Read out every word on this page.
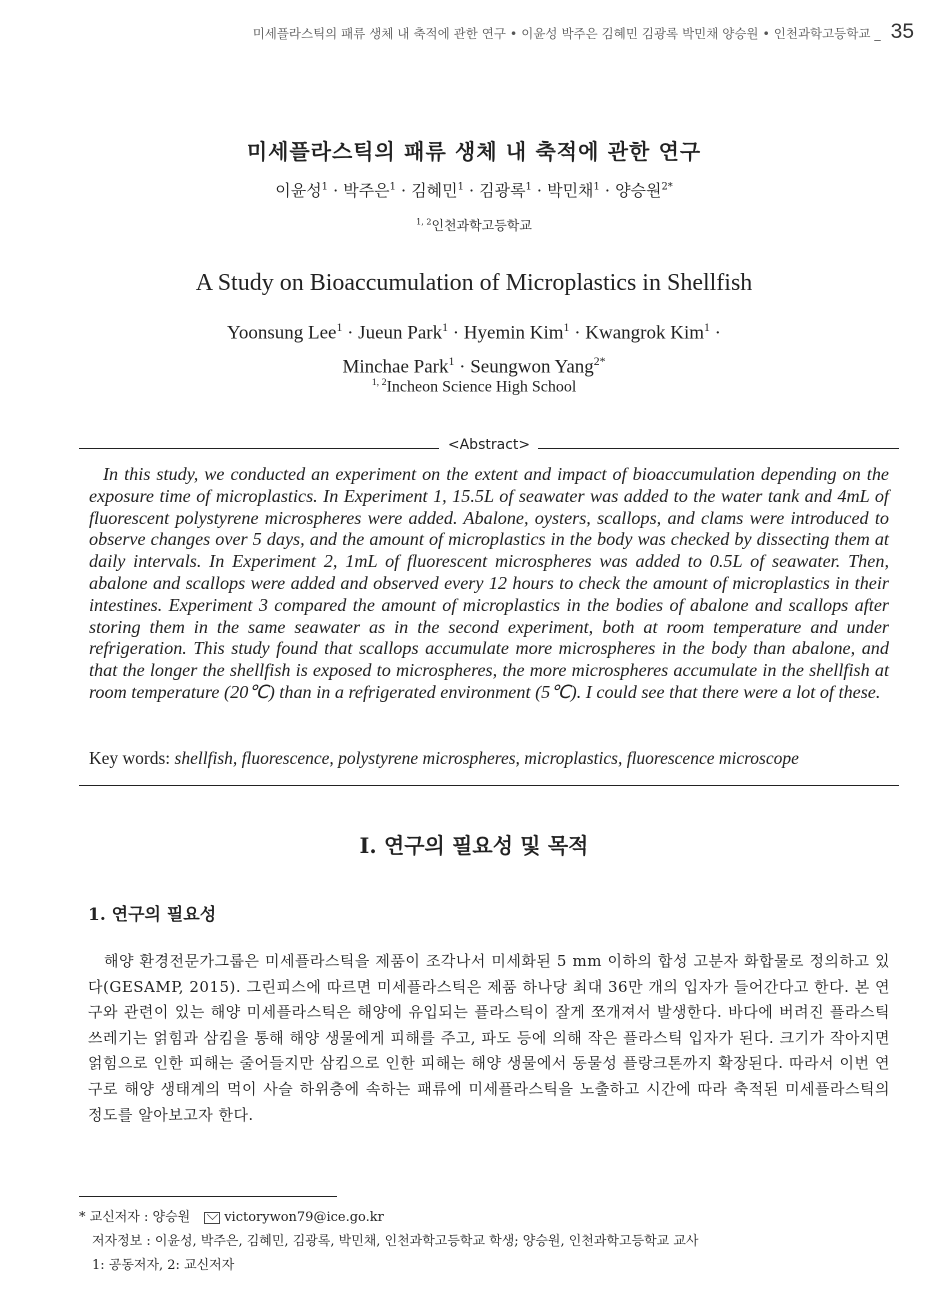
미세플라스틱의 패류 생체 내 축적에 관한 연구 • 이윤성 박주은 김혜민 김광록 박민채 양승원 • 인천과학고등학교 _ 35
미세플라스틱의 패류 생체 내 축적에 관한 연구
이윤성$^1$ · 박주은$^1$ · 김혜민$^1$ · 김광록$^1$ · 박민채$^1$ · 양승원$^{2*}$
$^{1, 2}$인천과학고등학교
A Study on Bioaccumulation of Microplastics in Shellfish
Yoonsung Lee$^1$ · Jueun Park$^1$ · Hyemin Kim$^1$ · Kwangrok Kim$^1$ ·
Minchae Park$^1$ · Seungwon Yang$^{2*}$
$^{1, 2}$Incheon Science High School
<Abstract>
In this study, we conducted an experiment on the extent and impact of bioaccumulation depending on the exposure time of microplastics. In Experiment 1, 15.5L of seawater was added to the water tank and 4mL of fluorescent polystyrene microspheres were added. Abalone, oysters, scallops, and clams were introduced to observe changes over 5 days, and the amount of microplastics in the body was checked by dissecting them at daily intervals. In Experiment 2, 1mL of fluorescent microspheres was added to 0.5L of seawater. Then, abalone and scallops were added and observed every 12 hours to check the amount of microplastics in their intestines. Experiment 3 compared the amount of microplastics in the bodies of abalone and scallops after storing them in the same seawater as in the second experiment, both at room temperature and under refrigeration. This study found that scallops accumulate more microspheres in the body than abalone, and that the longer the shellfish is exposed to microspheres, the more microspheres accumulate in the shellfish at room temperature (20℃) than in a refrigerated environment (5℃). I could see that there were a lot of these.
Key words: shellfish, fluorescence, polystyrene microspheres, microplastics, fluorescence microscope
I. 연구의 필요성 및 목적
1. 연구의 필요성
해양 환경전문가그룹은 미세플라스틱을 제품이 조각나서 미세화된 5 mm 이하의 합성 고분자 화합물로 정의하고 있다(GESAMP, 2015). 그린피스에 따르면 미세플라스틱은 제품 하나당 최대 36만 개의 입자가 들어간다고 한다. 본 연구와 관련이 있는 해양 미세플라스틱은 해양에 유입되는 플라스틱이 잘게 쪼개져서 발생한다. 바다에 버려진 플라스틱 쓰레기는 얽힘과 삼킴을 통해 해양 생물에게 피해를 주고, 파도 등에 의해 작은 플라스틱 입자가 된다. 크기가 작아지면 얽힘으로 인한 피해는 줄어들지만 삼킴으로 인한 피해는 해양 생물에서 동물성 플랑크톤까지 확장된다. 따라서 이번 연구로 해양 생태계의 먹이 사슬 하위층에 속하는 패류에 미세플라스틱을 노출하고 시간에 따라 축적된 미세플라스틱의 정도를 알아보고자 한다.
* 교신저자 : 양승원	victorywon79@ice.go.kr
저자정보 : 이윤성, 박주은, 김혜민, 김광록, 박민채, 인천과학고등학교 학생; 양승원, 인천과학고등학교 교사
1: 공동저자, 2: 교신저자
